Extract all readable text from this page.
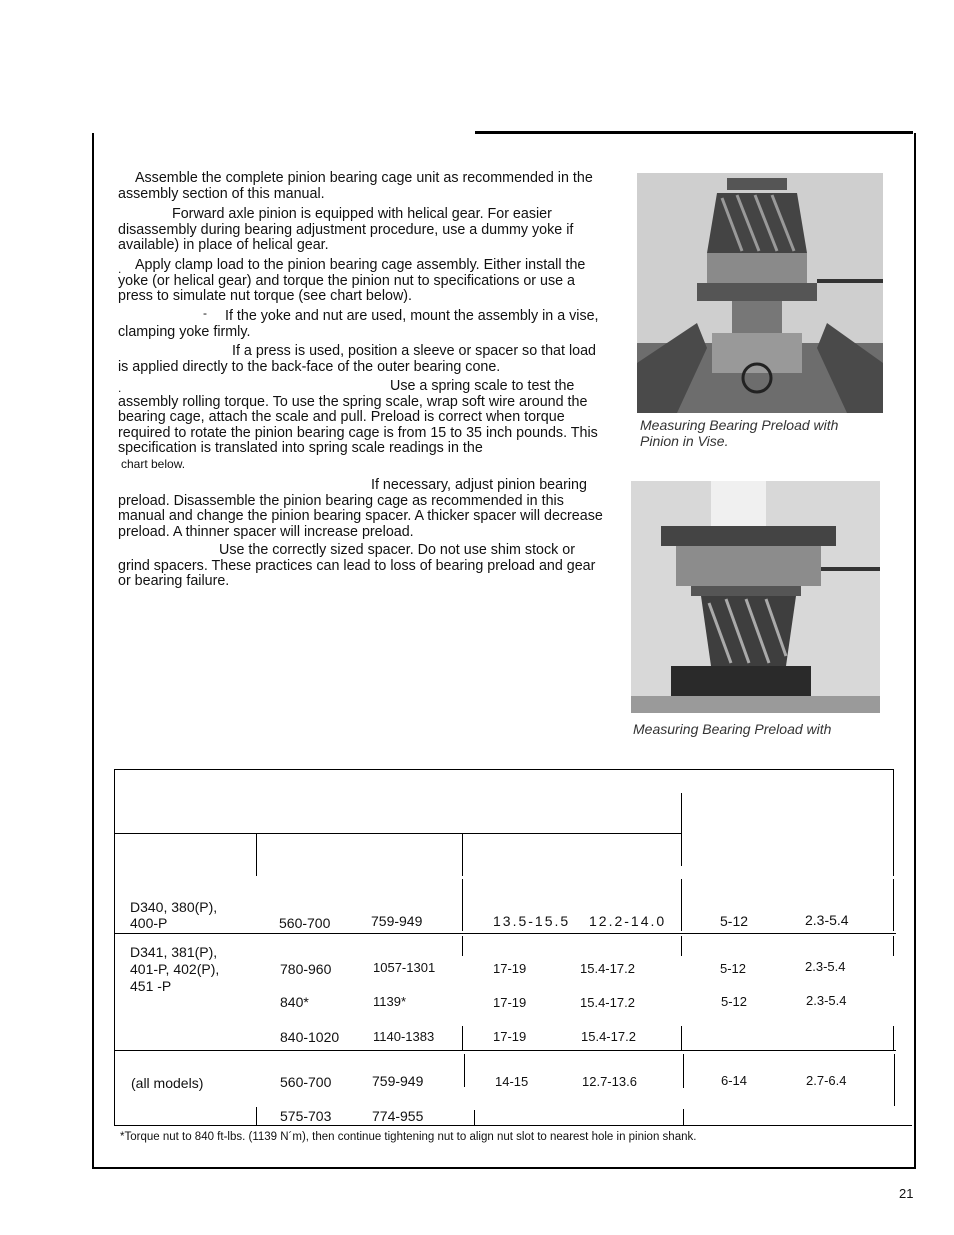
Assemble the complete pinion bearing cage unit as recommended in the assembly section of this manual.

Forward axle pinion is equipped with helical gear. For easier disassembly during bearing adjustment procedure, use a dummy yoke if available) in place of helical gear.

. Apply clamp load to the pinion bearing cage assembly. Either install the yoke (or helical gear) and torque the pinion nut to specifications or use a press to simulate nut torque (see chart below).

-	If the yoke and nut are used, mount the assembly in a vise, clamping yoke firmly.

If a press is used, position a sleeve or spacer so that load is applied directly to the back-face of the outer bearing cone.

.	Use a spring scale to test the assembly rolling torque. To use the spring scale, wrap soft wire around the bearing cage, attach the scale and pull. Preload is correct when torque required to rotate the pinion bearing cage is from 15 to 35 inch pounds. This specification is translated into spring scale readings in the

chart below.

If necessary, adjust pinion bearing preload. Disassemble the pinion bearing cage as recommended in this manual and change the pinion bearing spacer. A thicker spacer will decrease preload. A thinner spacer will increase preload.

Use the correctly sized spacer. Do not use shim stock or grind spacers. These practices can lead to loss of bearing preload and gear or bearing failure.

Measuring Bearing Preload with Pinion in Vise.
Measuring Bearing Preload with
D340, 380(P),
400-P	560-700	759-949	13.5-15.5 12.2-14.0	5-12	2.3-5.4
D341, 381(P),
401-P, 402(P),
451 -P
780-960	1057-1301	17-19	15.4-17.2	5-12	2.3-5.4
840*	1139*	17-19	15.4-17.2	5-12	2.3-5.4
840-1020	1140-1383	17-19	15.4-17.2
(all models)	560-700	759-949	14-15	12.7-13.6	6-14	2.7-6.4
575-703	774-955
*Torque nut to 840 ft-lbs. (1139 N´m), then continue tightening nut to align nut slot to nearest hole in pinion shank.
21
